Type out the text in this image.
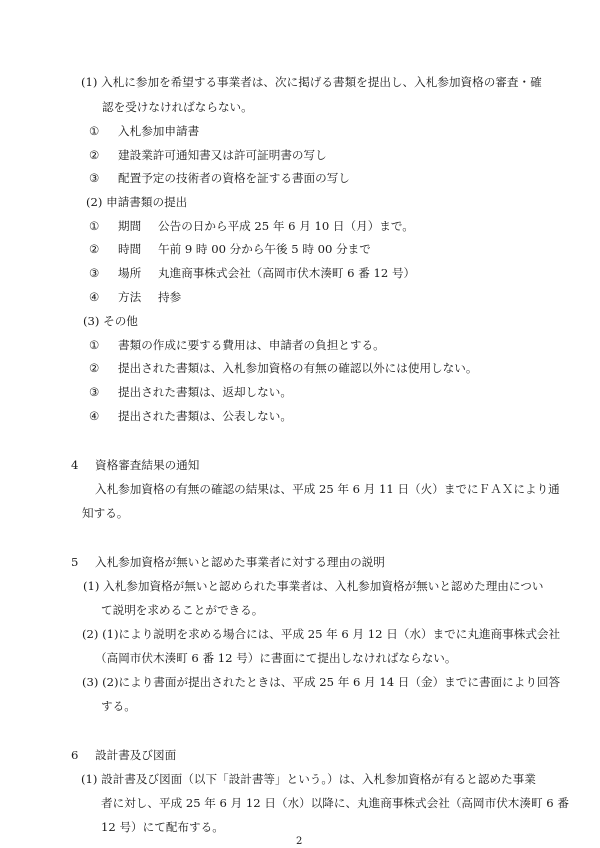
(1) 入札に参加を希望する事業者は、次に掲げる書類を提出し、入札参加資格の審査・確
認を受けなければならない。
① 入札参加申請書
② 建設業許可通知書又は許可証明書の写し
③ 配置予定の技術者の資格を証する書面の写し
(2) 申請書類の提出
① 期間 公告の日から平成 25 年 6 月 10 日（月）まで。
② 時間 午前 9 時 00 分から午後 5 時 00 分まで
③ 場所 丸進商事株式会社（高岡市伏木湊町 6 番 12 号）
④ 方法 持参
(3) その他
① 書類の作成に要する費用は、申請者の負担とする。
② 提出された書類は、入札参加資格の有無の確認以外には使用しない。
③ 提出された書類は、返却しない。
④ 提出された書類は、公表しない。
4 資格審査結果の通知
入札参加資格の有無の確認の結果は、平成 25 年 6 月 11 日（火）までにＦＡＸにより通
知する。
5 入札参加資格が無いと認めた事業者に対する理由の説明
(1) 入札参加資格が無いと認められた事業者は、入札参加資格が無いと認めた理由につい
て説明を求めることができる。
(2) (1)により説明を求める場合には、平成 25 年 6 月 12 日（水）までに丸進商事株式会社
（高岡市伏木湊町 6 番 12 号）に書面にて提出しなければならない。
(3) (2)により書面が提出されたときは、平成 25 年 6 月 14 日（金）までに書面により回答
する。
6 設計書及び図面
(1) 設計書及び図面（以下「設計書等」という。）は、入札参加資格が有ると認めた事業
者に対し、平成 25 年 6 月 12 日（水）以降に、丸進商事株式会社（高岡市伏木湊町 6 番
12 号）にて配布する。
2
